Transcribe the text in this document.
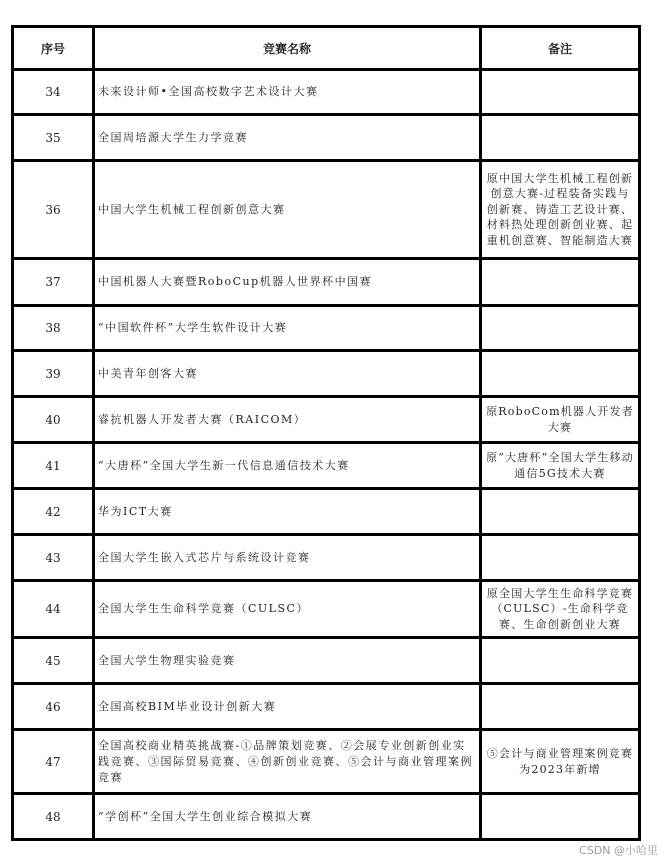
序号	竞赛名称	备注
34	未来设计师•全国高校数字艺术设计大赛	
35	全国周培源大学生力学竞赛	
36	中国大学生机械工程创新创意大赛	原中国大学生机械工程创新创意大赛-过程装备实践与创新赛、铸造工艺设计赛、材料热处理创新创业赛、起重机创意赛、智能制造大赛
37	中国机器人大赛暨RoboCup机器人世界杯中国赛	
38	“中国软件杯”大学生软件设计大赛	
39	中美青年创客大赛	
40	睿抗机器人开发者大赛（RAICOM）	原RoboCom机器人开发者大赛
41	“大唐杯”全国大学生新一代信息通信技术大赛	原“大唐杯”全国大学生移动通信5G技术大赛
42	华为ICT大赛	
43	全国大学生嵌入式芯片与系统设计竞赛	
44	全国大学生生命科学竞赛（CULSC）	原全国大学生生命科学竞赛（CULSC）-生命科学竞赛、生命创新创业大赛
45	全国大学生物理实验竞赛	
46	全国高校BIM毕业设计创新大赛	
47	全国高校商业精英挑战赛-①品牌策划竞赛、②会展专业创新创业实践竞赛、③国际贸易竞赛、④创新创业竞赛、⑤会计与商业管理案例竞赛	⑤会计与商业管理案例竞赛为2023年新增
48	“学创杯”全国大学生创业综合模拟大赛	
CSDN @小哈里
